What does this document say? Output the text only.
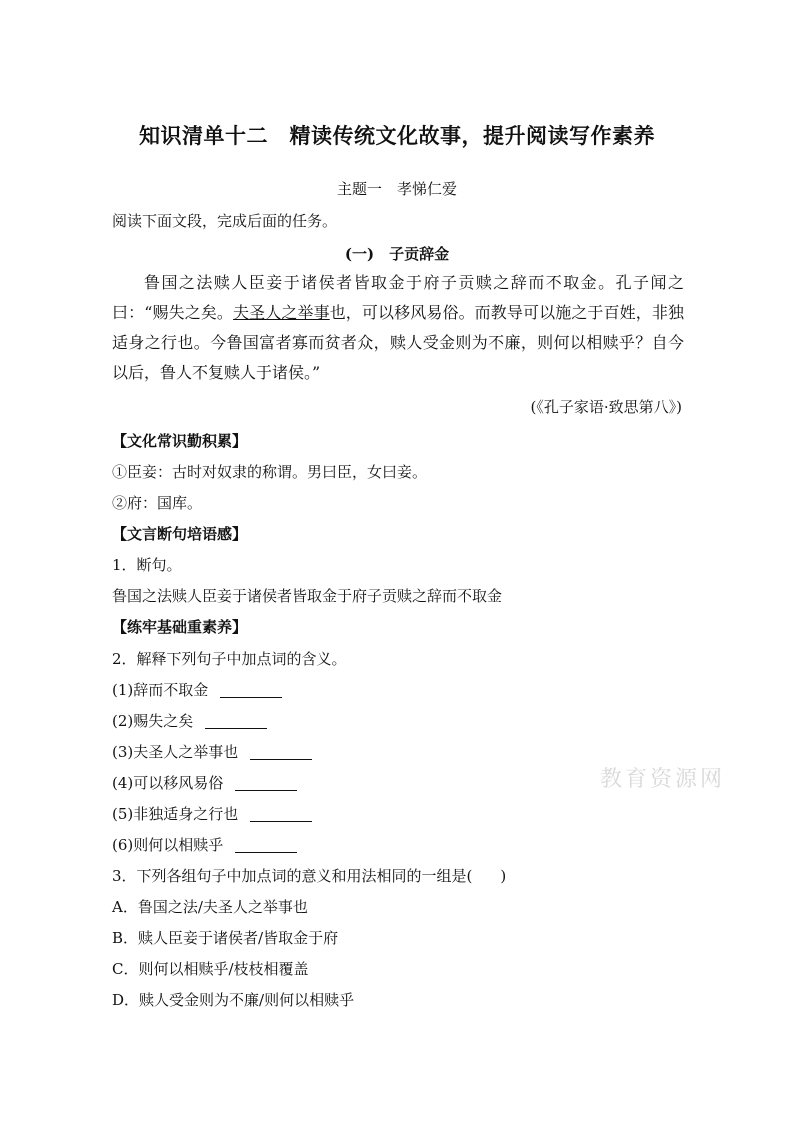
知识清单十二　精读传统文化故事，提升阅读写作素养
主题一　孝悌仁爱
阅读下面文段，完成后面的任务。
(一)　子贡辞金
鲁国之法赎人臣妾于诸侯者皆取金于府子贡赎之辞而不取金。孔子闻之曰：“赐失之矣。夫圣人之举事也，可以移风易俗。而教导可以施之于百姓，非独适身之行也。今鲁国富者寡而贫者众，赎人受金则为不廉，则何以相赎乎？自今以后，鲁人不复赎人于诸侯。”
(《孔子家语·致思第八》)
【文化常识勤积累】
①臣妾：古时对奴隶的称谓。男曰臣，女曰妾。
②府：国库。
【文言断句培语感】
1．断句。
鲁国之法赎人臣妾于诸侯者皆取金于府子贡赎之辞而不取金
【练牢基础重素养】
2．解释下列句子中加点词的含义。
(1)辞而不取金
(2)赐失之矣
(3)夫圣人之举事也
(4)可以移风易俗
(5)非独适身之行也
(6)则何以相赎乎
3．下列各组句子中加点词的意义和用法相同的一组是( )
A．鲁国之法/夫圣人之举事也
B．赎人臣妾于诸侯者/皆取金于府
C．则何以相赎乎/枝枝相覆盖
D．赎人受金则为不廉/则何以相赎乎
教育资源网
